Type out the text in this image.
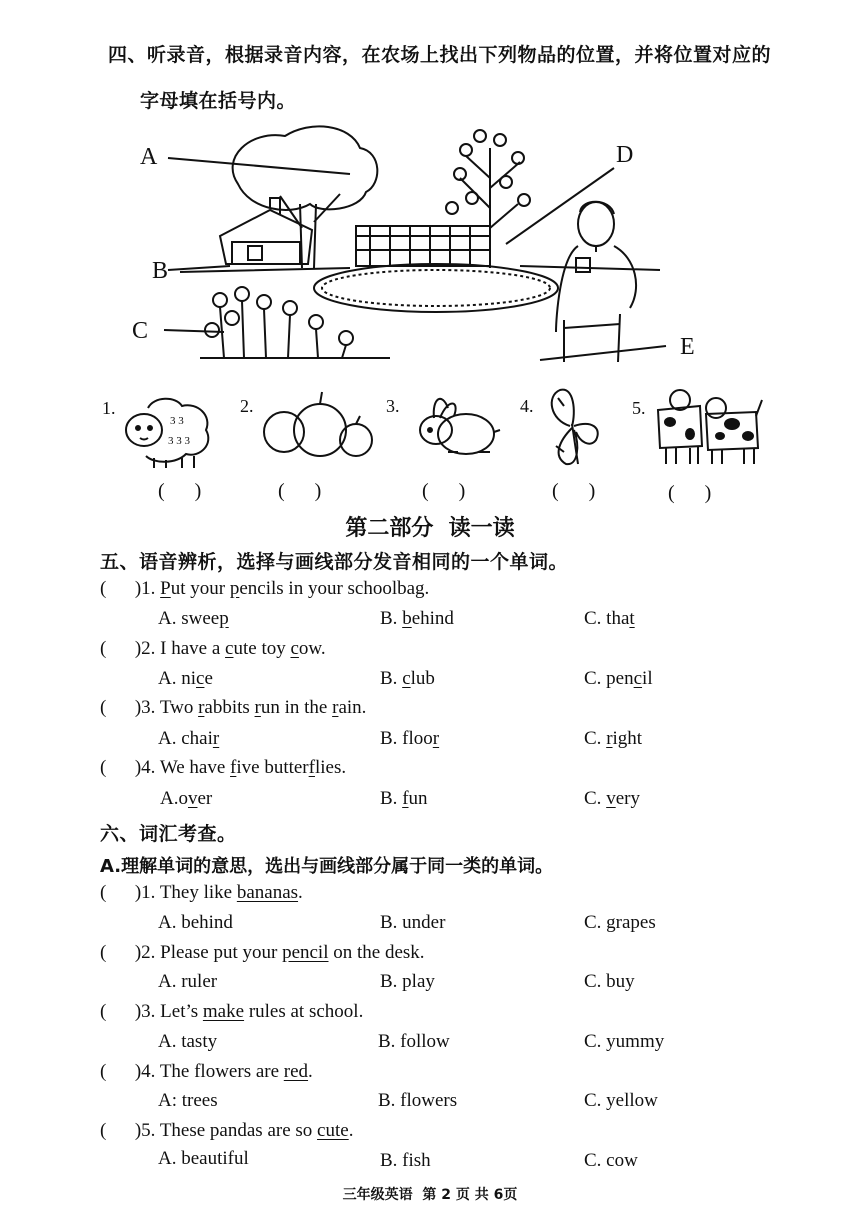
四、听录音，根据录音内容，在农场上找出下列物品的位置，并将位置对应的
字母填在括号内。
A
B
C
D
E
1.
3 3
3 3 3
2.	3.	4.	5.
(      )	(      )	(      )	(      )	(      )
第二部分  读一读
五、语音辨析，选择与画线部分发音相同的一个单词。
(      )1. Put your pencils in your schoolbag.
A. sweep	B. behind	C. that
(      )2. I have a cute toy cow.
A. nice	B. club	C. pencil
(      )3. Two rabbits run in the rain.
A. chair	B. floor	C. right
(      )4. We have five butterflies.
A.over	B. fun	C. very
六、词汇考查。
A.理解单词的意思，选出与画线部分属于同一类的单词。
(      )1. They like bananas.
A. behind	B. under	C. grapes
(      )2. Please put your pencil on the desk.
A. ruler	B. play	C. buy
(      )3. Let’s make rules at school.
A. tasty	B. follow	C. yummy
(      )4. The flowers are red.
A: trees	B. flowers	C. yellow
(      )5. These pandas are so cute.
A. beautiful	B. fish	C. cow
三年级英语  第 2 页 共 6页
